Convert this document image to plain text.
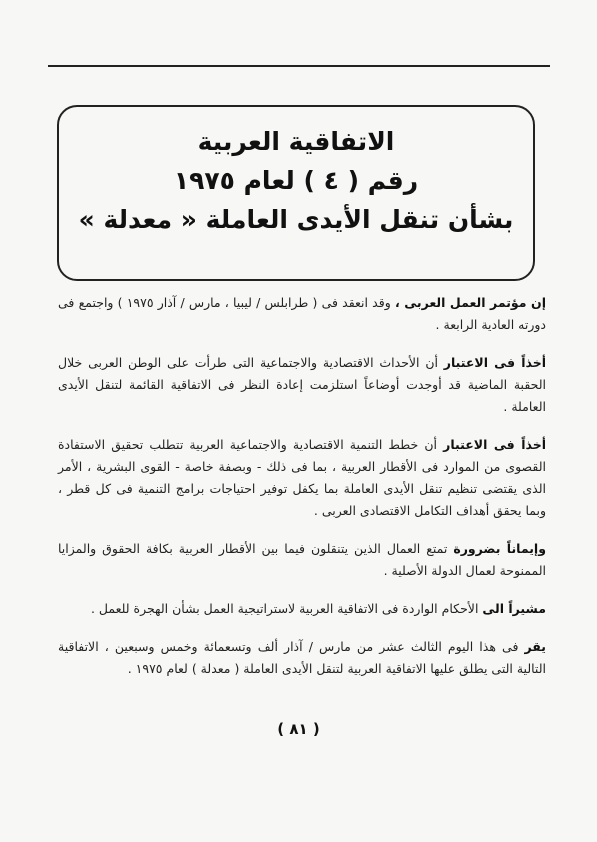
الاتفاقية العربية
رقم ( ٤ ) لعام ١٩٧٥
بشأن تنقل الأيدى العاملة « معدلة »

إن مؤتمر العمل العربى ، وقد انعقد فى ( طرابلس / ليبيا ، مارس / آذار ١٩٧٥ ) واجتمع فى دورته العادية الرابعة .

أخذاً فى الاعتبار أن الأحداث الاقتصادية والاجتماعية التى طرأت على الوطن العربى خلال الحقبة الماضية قد أوجدت أوضاعاً استلزمت إعادة النظر فى الاتفاقية القائمة لتنقل الأيدى العاملة .

أخذاً فى الاعتبار أن خطط التنمية الاقتصادية والاجتماعية العربية تتطلب تحقيق الاستفادة القصوى من الموارد فى الأقطار العربية ، بما فى ذلك - وبصفة خاصة - القوى البشرية ، الأمر الذى يقتضى تنظيم تنقل الأيدى العاملة بما يكفل توفير احتياجات برامج التنمية فى كل قطر ، وبما يحقق أهداف التكامل الاقتصادى العربى .

وإيماناً بضرورة تمتع العمال الذين يتنقلون فيما بين الأقطار العربية بكافة الحقوق والمزايا الممنوحة لعمال الدولة الأصلية .

مشيراً الى الأحكام الواردة فى الاتفاقية العربية لاستراتيجية العمل بشأن الهجرة للعمل .

يقر فى هذا اليوم الثالث عشر من مارس / آذار ألف وتسعمائة وخمس وسبعين ، الاتفاقية التالية التى يطلق عليها الاتفاقية العربية لتنقل الأيدى العاملة ( معدلة ) لعام ١٩٧٥ .

( ٨١ )
